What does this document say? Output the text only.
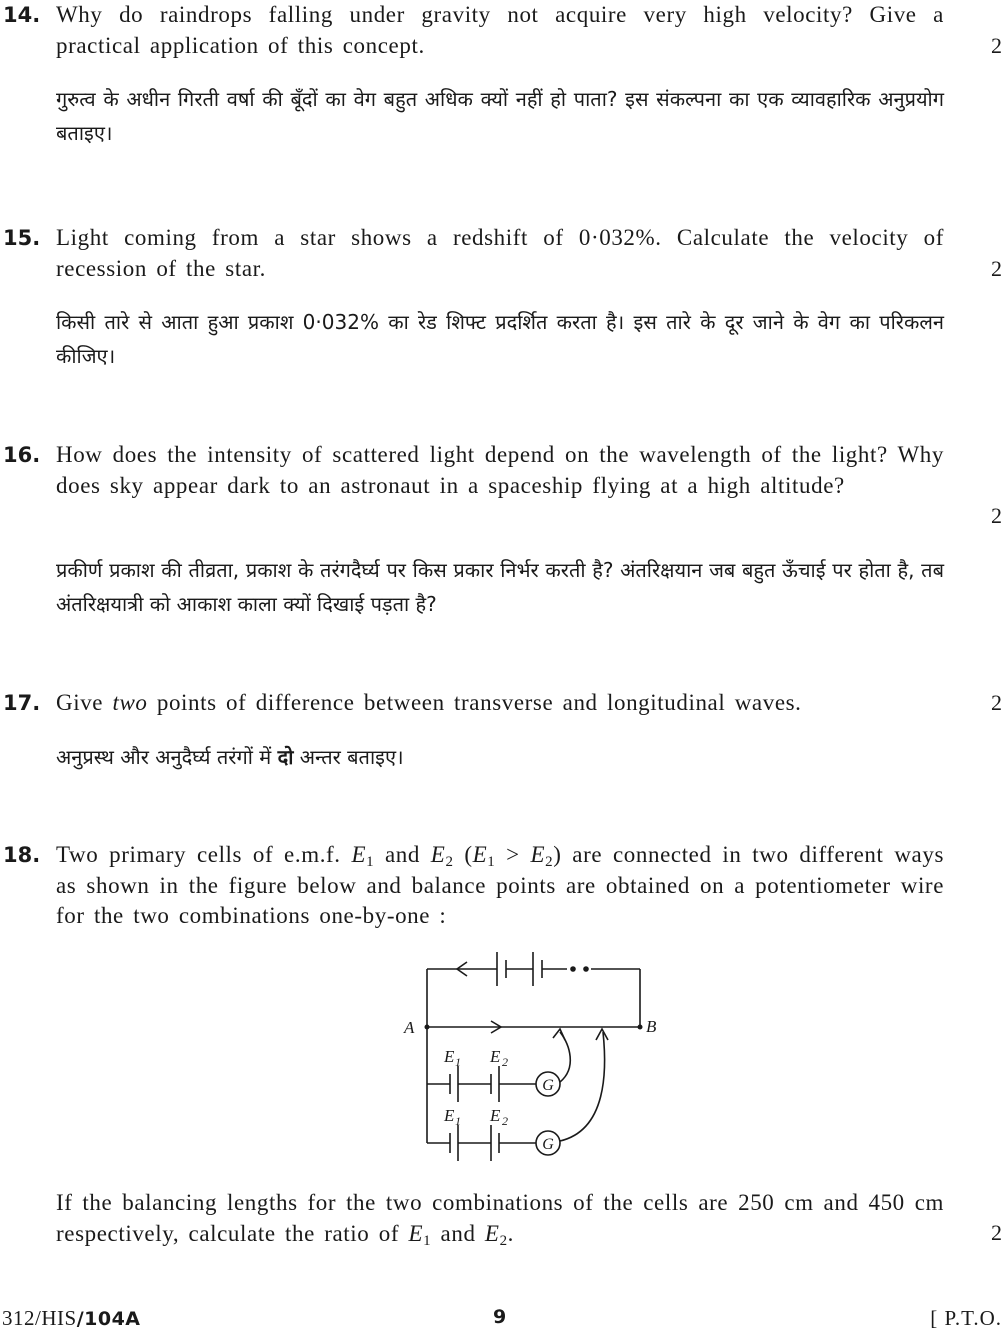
14. Why do raindrops falling under gravity not acquire very high velocity? Give a practical application of this concept.	2
गुरुत्व के अधीन गिरती वर्षा की बूँदों का वेग बहुत अधिक क्यों नहीं हो पाता? इस संकल्पना का एक व्यावहारिक अनुप्रयोग बताइए।
15. Light coming from a star shows a redshift of 0·032%. Calculate the velocity of recession of the star.	2
किसी तारे से आता हुआ प्रकाश 0·032% का रेड शिफ्ट प्रदर्शित करता है। इस तारे के दूर जाने के वेग का परिकलन कीजिए।
16. How does the intensity of scattered light depend on the wavelength of the light? Why does sky appear dark to an astronaut in a spaceship flying at a high altitude?
2
प्रकीर्ण प्रकाश की तीव्रता, प्रकाश के तरंगदैर्घ्य पर किस प्रकार निर्भर करती है? अंतरिक्षयान जब बहुत ऊँचाई पर होता है, तब अंतरिक्षयात्री को आकाश काला क्यों दिखाई पड़ता है?
17. Give two points of difference between transverse and longitudinal waves.	2
अनुप्रस्थ और अनुदैर्घ्य तरंगों में दो अन्तर बताइए।
18. Two primary cells of e.m.f. $E_1$ and $E_2$ $(E_1 > E_2)$ are connected in two different ways as shown in the figure below and balance points are obtained on a potentiometer wire for the two combinations one-by-one :
A	B
E 1 E 2
E 1 E 2
G
G
If the balancing lengths for the two combinations of the cells are 250 cm and 450 cm respectively, calculate the ratio of $E_1$ and $E_2$.	2
312/HIS/104A	9	[ P.T.O.
